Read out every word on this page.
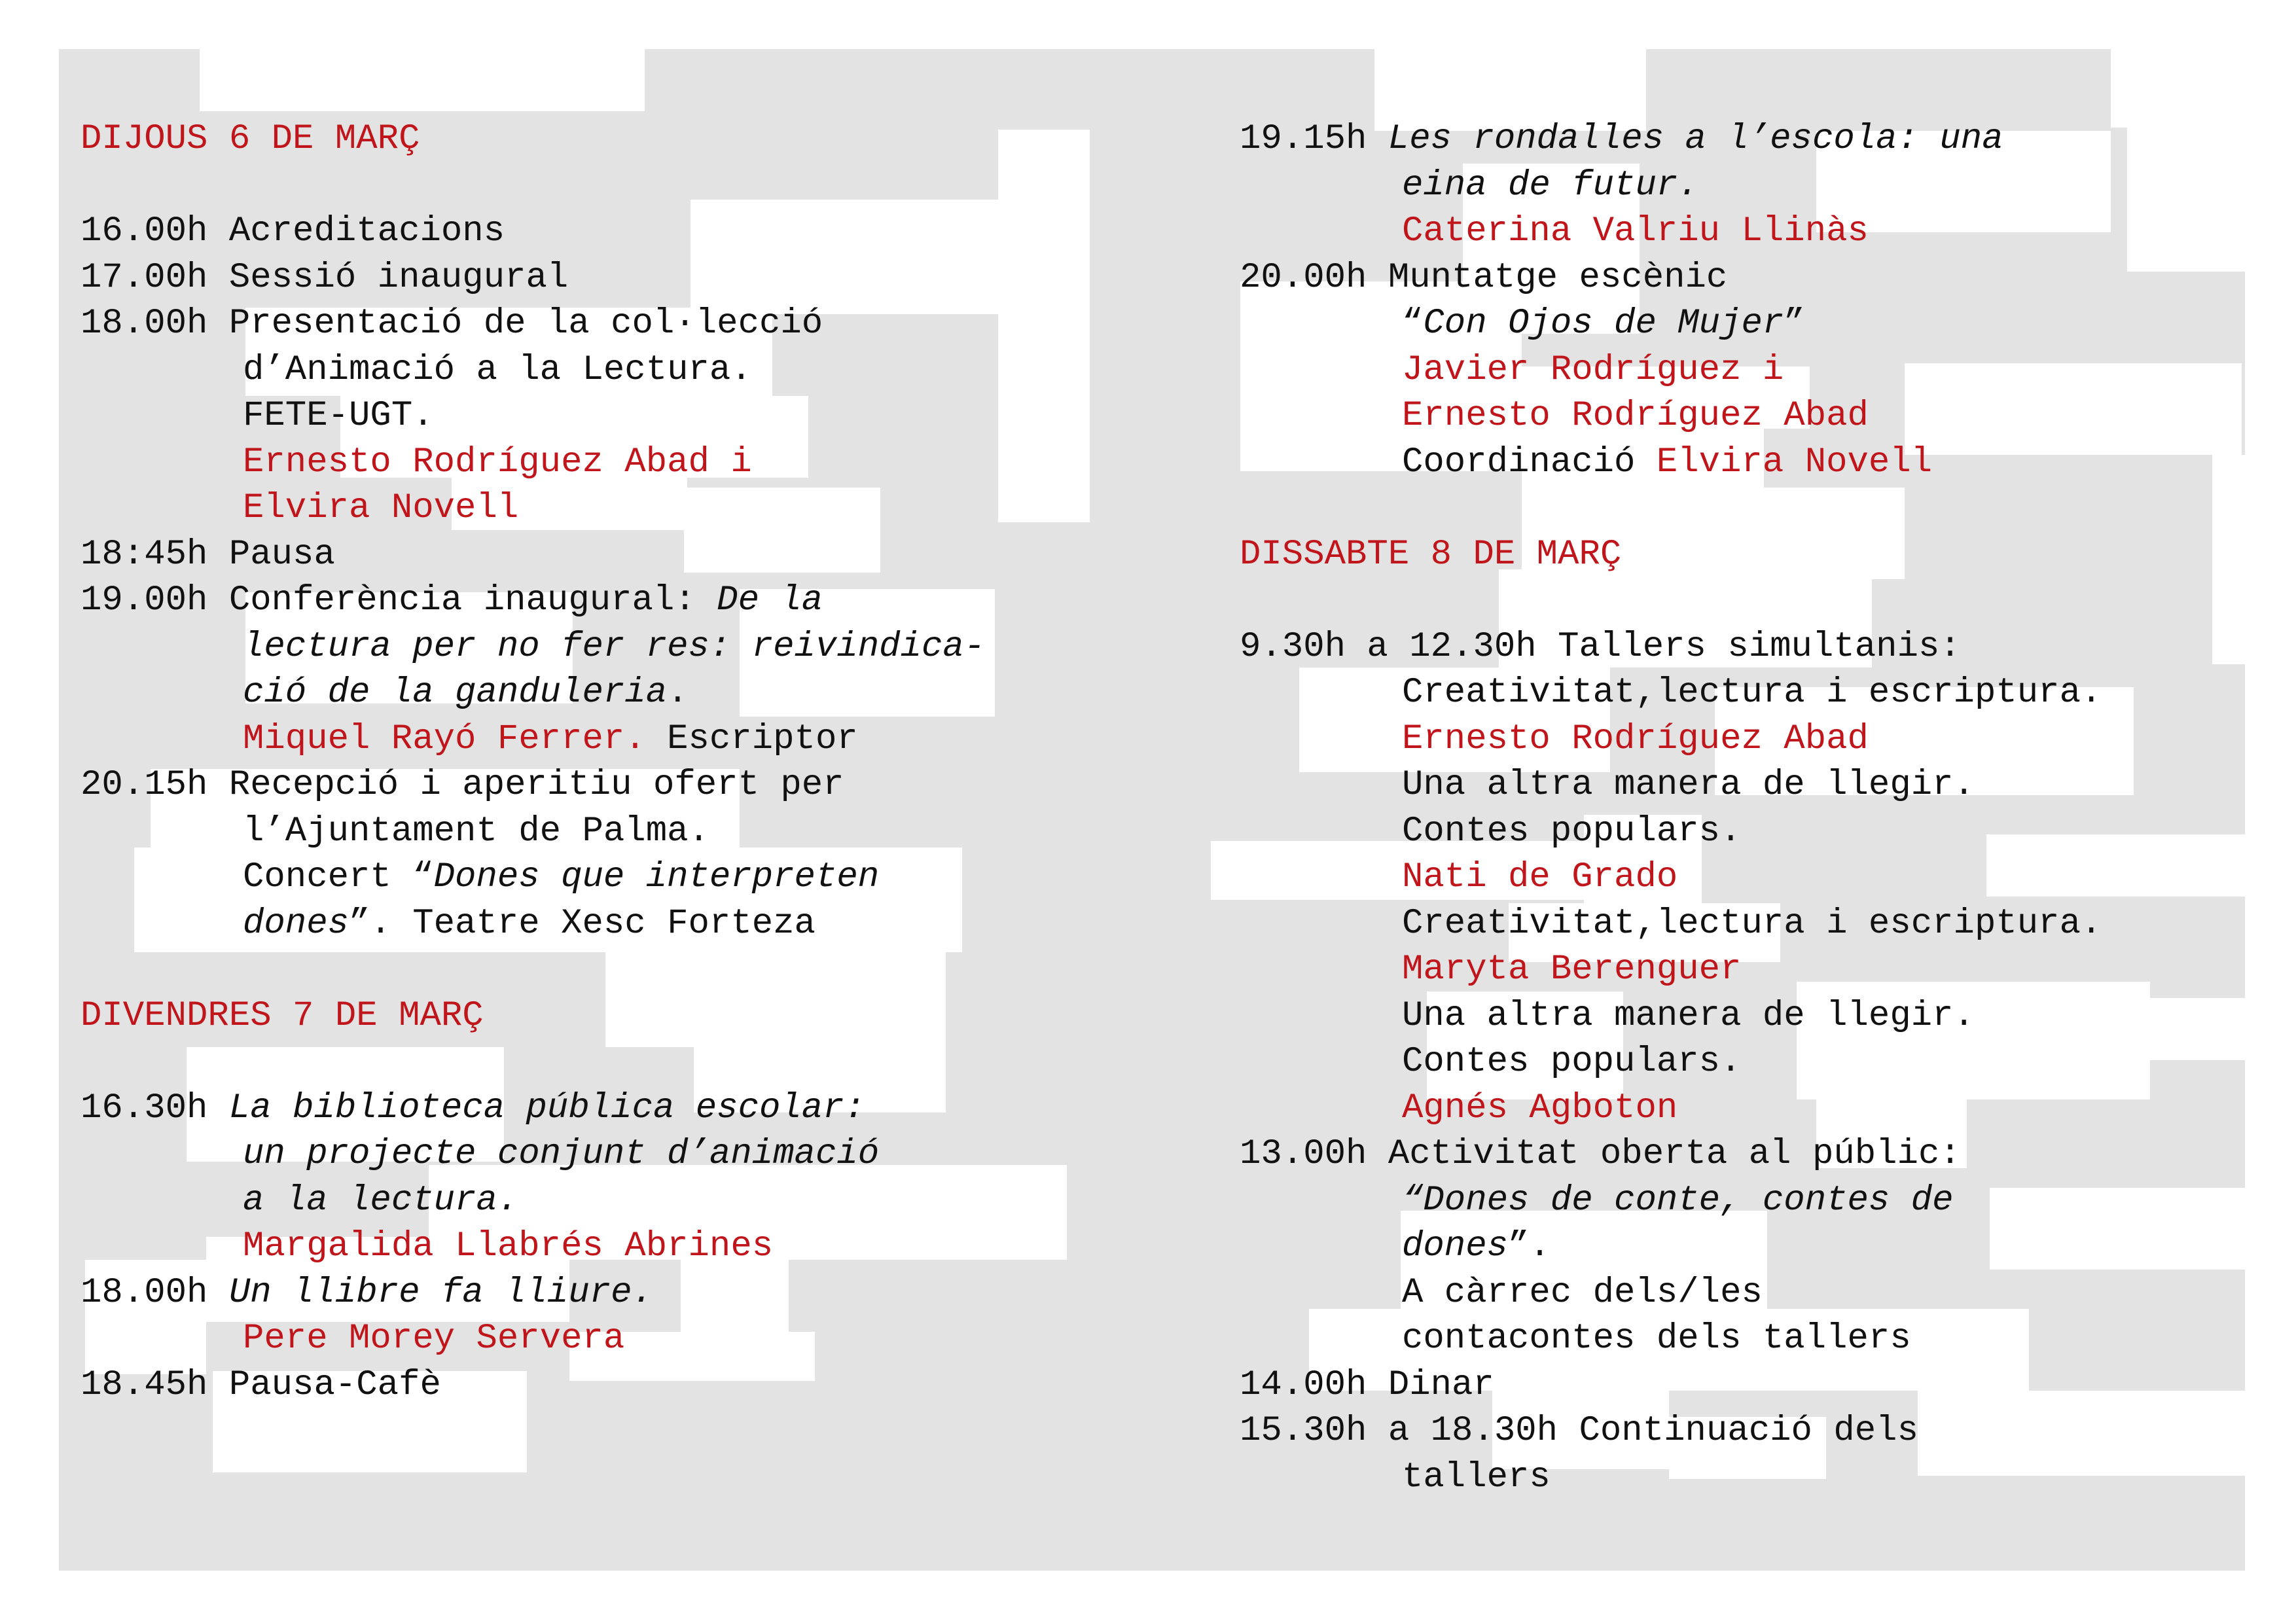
DIJOUS 6 DE MARÇ
16.00h Acreditacions
17.00h Sessió inaugural
18.00h Presentació de la col·lecció
d’Animació a la Lectura.
FETE-UGT.
Ernesto Rodríguez Abad i
Elvira Novell
18:45h Pausa
19.00h Conferència inaugural: De la
lectura per no fer res: reivindica-
ció de la ganduleria.
Miquel Rayó Ferrer. Escriptor
20.15h Recepció i aperitiu ofert per
l’Ajuntament de Palma.
Concert “Dones que interpreten
dones”. Teatre Xesc Forteza
DIVENDRES 7 DE MARÇ
16.30h La biblioteca pública escolar:
un projecte conjunt d’animació
a la lectura.
Margalida Llabrés Abrines
18.00h Un llibre fa lliure.
Pere Morey Servera
18.45h Pausa-Cafè
19.15h Les rondalles a l’escola: una
eina de futur.
Caterina Valriu Llinàs
20.00h Muntatge escènic
“Con Ojos de Mujer”
Javier Rodríguez i
Ernesto Rodríguez Abad
Coordinació Elvira Novell
DISSABTE 8 DE MARÇ
9.30h a 12.30h Tallers simultanis:
Creativitat,lectura i escriptura.
Ernesto Rodríguez Abad
Una altra manera de llegir.
Contes populars.
Nati de Grado
Creativitat,lectura i escriptura.
Maryta Berenguer
Una altra manera de llegir.
Contes populars.
Agnés Agboton
13.00h Activitat oberta al públic:
“Dones de conte, contes de
dones”.
A càrrec dels/les
contacontes dels tallers
14.00h Dinar
15.30h a 18.30h Continuació dels
tallers
